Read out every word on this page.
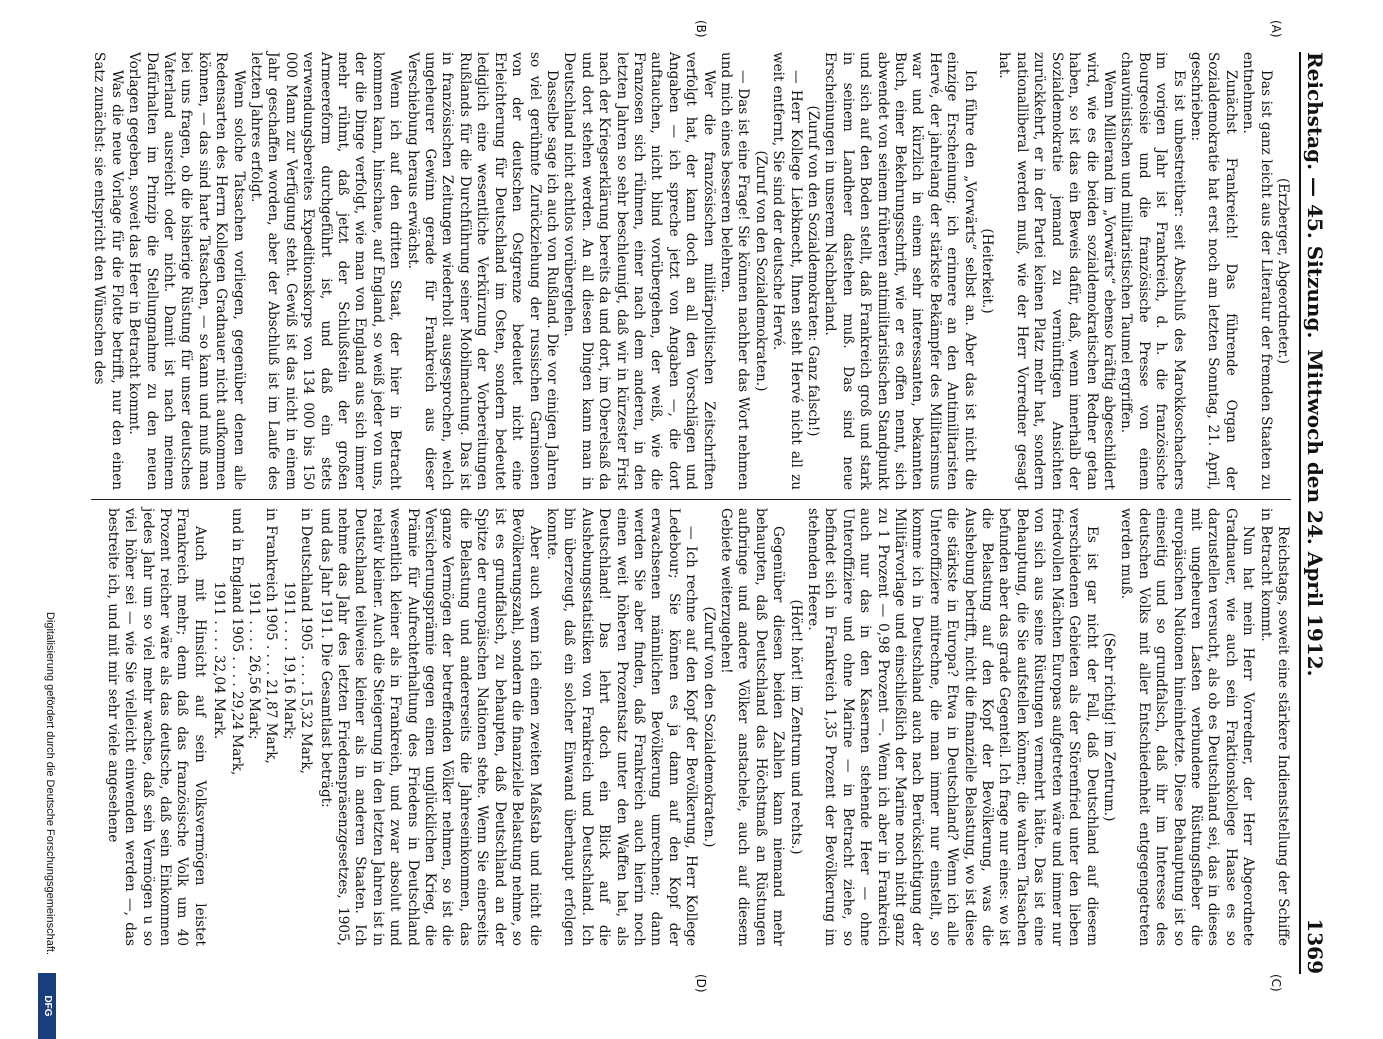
Reichstag. — 45. Sitzung.
Mittwoch den 24. April 1912.
1369
(A)
(B)
(C)
(D)

(Erzberger, Abgeordneter.)

Das ist ganz leicht aus der Literatur der fremden Staaten zu entnehmen.

Zunächst Frankreich! Das führende Organ der Sozialdemokratie hat erst noch am letzten Sonntag, 21. April, geschrieben:

Es ist unbestreitbar: seit Abschluß des Marokkoschachers im vorigen Jahr ist Frankreich, d. h. die französische Bourgeoisie und die französische Presse von einem chauvinistischen und militaristischen Taumel ergriffen.

Wenn Millerand im „Vorwärts“ ebenso kräftig abgeschildert wird, wie es die beiden sozialdemokratischen Redner getan haben, so ist das ein Beweis dafür, daß, wenn innerhalb der Sozialdemokratie jemand zu vernünftigen Ansichten zurückkehrt, er in der Partei keinen Platz mehr hat, sondern nationalliberal werden muß, wie der Herr Vorredner gesagt hat.

(Heiterkeit.)

Ich führe den „Vorwärts“ selbst an. Aber das ist nicht die einzige Erscheinung; ich erinnere an den Antimilitaristen Hervé, der jahrelang der stärkste Bekämpfer des Militarismus war und kürzlich in einem sehr interessanten, bekannten Buch, einer Bekehrungsschrift, wie er es offen nennt, sich abwendet von seinem früheren antimilitaristischen Standpunkt und sich auf den Boden stellt, daß Frankreich groß und stark in seinem Landheer dastehen muß. Das sind neue Erscheinungen in unserem Nachbarland.

(Zuruf von den Sozialdemokraten: Ganz falsch!)

— Herr Kollege Liebknecht, Ihnen steht Hervé nicht all zu weit entfernt, Sie sind der deutsche Hervé.

(Zuruf von den Sozialdemokraten.)

— Das ist eine Frage! Sie können nachher das Wort nehmen und mich eines besseren belehren.

Wer die französischen militärpolitischen Zeitschriften verfolgt hat, der kann doch an all den Vorschlägen und Angaben — ich spreche jetzt von Angaben —, die dort auftauchen, nicht blind vorübergehen, der weiß, wie die Franzosen sich rühmen, einer nach dem anderen, in den letzten Jahren so sehr beschleunigt, daß wir in kürzester Frist nach der Kriegserklärung bereits da und dort, im Oberelsaß da und dort stehen werden. An all diesen Dingen kann man in Deutschland nicht achtlos vorübergehen.

Dasselbe sage ich auch von Rußland. Die vor einigen Jahren so viel gerühmte Zurückziehung der russischen Garnisonen von der deutschen Ostgrenze bedeutet nicht eine Erleichterung für Deutschland im Osten, sondern bedeutet lediglich eine wesentliche Verkürzung der Vorbereitungen Rußlands für die Durchführung seiner Mobilmachung. Das ist in französischen Zeitungen wiederholt ausgesprochen, welch ungeheurer Gewinn gerade für Frankreich aus dieser Verschiebung heraus erwächst.

Wenn ich auf den dritten Staat, der hier in Betracht kommen kann, hinschaue, auf England, so weiß jeder von uns, der die Dinge verfolgt, wie man von England aus sich immer mehr rühmt, daß jetzt der Schlußstein der großen Armeereform durchgeführt ist, und daß ein stets verwendungsbereites Expeditionskorps von 134 000 bis 150 000 Mann zur Verfügung steht. Gewiß ist das nicht in einem Jahr geschaffen worden, aber der Abschluß ist im Laufe des letzten Jahres erfolgt.

Wenn solche Tatsachen vorliegen, gegenüber denen alle Redensarten des Herrn Kollegen Gradnauer nicht aufkommen können, — das sind harte Tatsachen, — so kann und muß man bei uns fragen, ob die bisherige Rüstung für unser deutsches Vaterland ausreicht oder nicht. Damit ist nach meinem Dafürhalten im Prinzip die Stellungnahme zu den neuen Vorlagen gegeben, soweit das Heer in Betracht kommt.

Was die neue Vorlage für die Flotte betrifft, nur den einen Satz zunächst: sie entspricht den Wünschen des

Reichstags, soweit eine stärkere Indienststellung der Schiffe in Betracht kommt.

Nun hat mein Herr Vorredner, der Herr Abgeordnete Gradnauer, wie auch sein Fraktionskollege Haase es so darzustellen versucht, als ob es Deutschland sei, das in dieses mit ungeheuren Lasten verbundene Rüstungsfieber die europäischen Nationen hineinhetzte. Diese Behauptung ist so einseitig und so grundfalsch, daß ihr im Interesse des deutschen Volks mit aller Entschiedenheit entgegengetreten werden muß.

(Sehr richtig! im Zentrum.)

Es ist gar nicht der Fall, daß Deutschland auf diesem verschiedenen Gebieten als der Störenfried unter den lieben friedvollen Mächten Europas aufgetreten wäre und immer nur von sich aus seine Rüstungen vermehrt hätte. Das ist eine Behauptung, die Sie aufstellen können; die wahren Tatsachen befunden aber das grade Gegenteil. Ich frage nur eines: wo ist die Belastung auf den Kopf der Bevölkerung, was die Aushebung betrifft, nicht die finanzielle Belastung, wo ist diese die stärkste in Europa? Etwa in Deutschland? Wenn ich alle Unteroffiziere mitrechne, die man immer nur einstellt, so komme ich in Deutschland auch nach Berücksichtigung der Militärvorlage und einschließlich der Marine noch nicht ganz zu 1 Prozent — 0,98 Prozent —. Wenn ich aber in Frankreich auch nur das in den Kasernen stehende Heer — ohne Unteroffiziere und ohne Marine — in Betracht ziehe, so befindet sich in Frankreich 1,35 Prozent der Bevölkerung im stehenden Heere.

(Hört! hört! im Zentrum und rechts.)

Gegenüber diesen beiden Zahlen kann niemand mehr behaupten, daß Deutschland das Höchstmaß an Rüstungen aufbringe und andere Völker anstachele, auch auf diesem Gebiete weiterzugehen!

(Zuruf von den Sozialdemokraten.)

— Ich rechne auf den Kopf der Bevölkerung, Herr Kollege Ledebour; Sie können es ja dann auf den Kopf der erwachsenen männlichen Bevölkerung umrechnen; dann werden Sie aber finden, daß Frankreich auch hierin noch einen weit höheren Prozentsatz unter den Waffen hat, als Deutschland! Das lehrt doch ein Blick auf die Aushebungsstatistiken von Frankreich und Deutschland. Ich bin überzeugt, daß ein solcher Einwand überhaupt erfolgen konnte.

Aber auch wenn ich einen zweiten Maßstab und nicht die Bevölkerungszahl, sondern die finanzielle Belastung nehme, so ist es grundfalsch, zu behaupten, daß Deutschland an der Spitze der europäischen Nationen stehe. Wenn Sie einerseits die Belastung und andererseits die Jahreseinkommen, das ganze Vermögen der betreffenden Völker nehmen, so ist die Versicherungsprämie gegen einen unglücklichen Krieg, die Prämie für Aufrechterhaltung des Friedens in Deutschland wesentlich kleiner als in Frankreich, und zwar absolut und relativ kleiner. Auch die Steigerung in den letzten Jahren ist in Deutschland teilweise kleiner als in anderen Staaten. Ich nehme das Jahr des letzten Friedenspräsenzgesetzes, 1905, und das Jahr 1911. Die Gesamtlast beträgt:

in Deutschland 1905 . . . . 15,32 Mark,
1911 . . . . 19,16 Mark;
in Frankreich 1905 . . . . 21,87 Mark,
1911 . . . . 26,56 Mark;
und in England 1905 . . . . 29,24 Mark,
1911 . . . . 32,04 Mark.

Auch mit Hinsicht auf sein Volksvermögen leistet Frankreich mehr; denn daß das französische Volk um 40 Prozent reicher wäre als das deutsche, daß sein Einkommen jedes Jahr um so viel mehr wachse, daß sein Vermögen u so viel höher sei — wie Sie vielleicht einwenden werden —, das bestreite ich, und mit mir sehr viele angesehene

Digitalisierung gefördert durch die Deutsche Forschungsgemeinschaft.
DFG
